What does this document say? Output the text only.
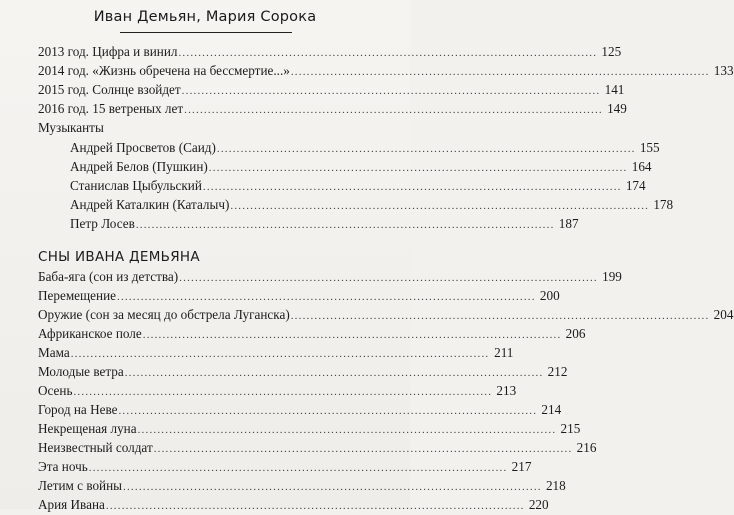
Иван Демьян, Мария Сорока
2013 год. Цифра и винил .......................................................................................................... 125
2014 год. «Жизнь обречена на бессмертие...» .......................................................................................................... 133
2015 год. Солнце взойдет .......................................................................................................... 141
2016 год. 15 ветреных лет .......................................................................................................... 149
Музыканты
Андрей Просветов (Саид) .......................................................................................................... 155
Андрей Белов (Пушкин) .......................................................................................................... 164
Станислав Цыбульский .......................................................................................................... 174
Андрей Каталкин (Каталыч) .......................................................................................................... 178
Петр Лосев .......................................................................................................... 187
СНЫ ИВАНА ДЕМЬЯНА
Баба-яга (сон из детства) .......................................................................................................... 199
Перемещение .......................................................................................................... 200
Оружие (сон за месяц до обстрела Луганска) .......................................................................................................... 204
Африканское поле .......................................................................................................... 206
Мама .......................................................................................................... 211
Молодые ветра .......................................................................................................... 212
Осень .......................................................................................................... 213
Город на Неве .......................................................................................................... 214
Некрещеная луна .......................................................................................................... 215
Неизвестный солдат .......................................................................................................... 216
Эта ночь .......................................................................................................... 217
Летим с войны .......................................................................................................... 218
Ария Ивана .......................................................................................................... 220
